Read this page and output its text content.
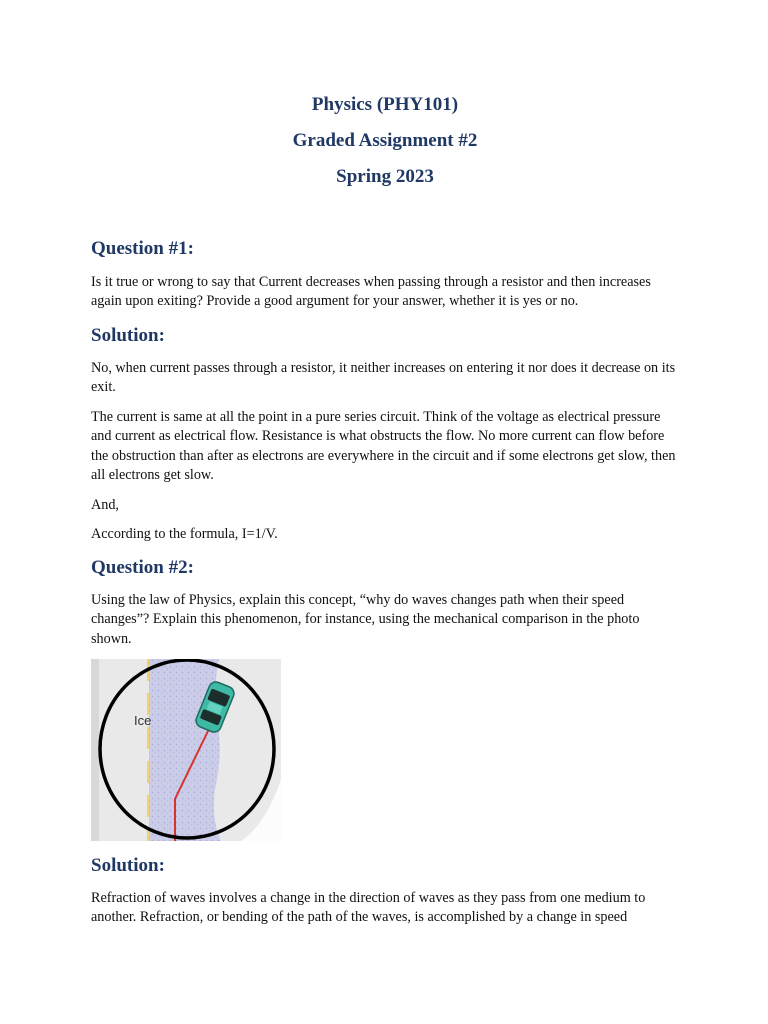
Physics (PHY101)
Graded Assignment #2
Spring 2023
Question #1:

Is it true or wrong to say that Current decreases when passing through a resistor and then increases again upon exiting? Provide a good argument for your answer, whether it is yes or no.

Solution:

No, when current passes through a resistor, it neither increases on entering it nor does it decrease on its exit.

The current is same at all the point in a pure series circuit. Think of the voltage as electrical pressure and current as electrical flow. Resistance is what obstructs the flow. No more current can flow before the obstruction than after as electrons are everywhere in the circuit and if some electrons get slow, then all electrons get slow.

And,

According to the formula, I=1/V.

Question #2:

Using the law of Physics, explain this concept, “why do waves changes path when their speed changes”? Explain this phenomenon, for instance, using the mechanical comparison in the photo shown.

Ice
Solution:

Refraction of waves involves a change in the direction of waves as they pass from one medium to another. Refraction, or bending of the path of the waves, is accomplished by a change in speed
